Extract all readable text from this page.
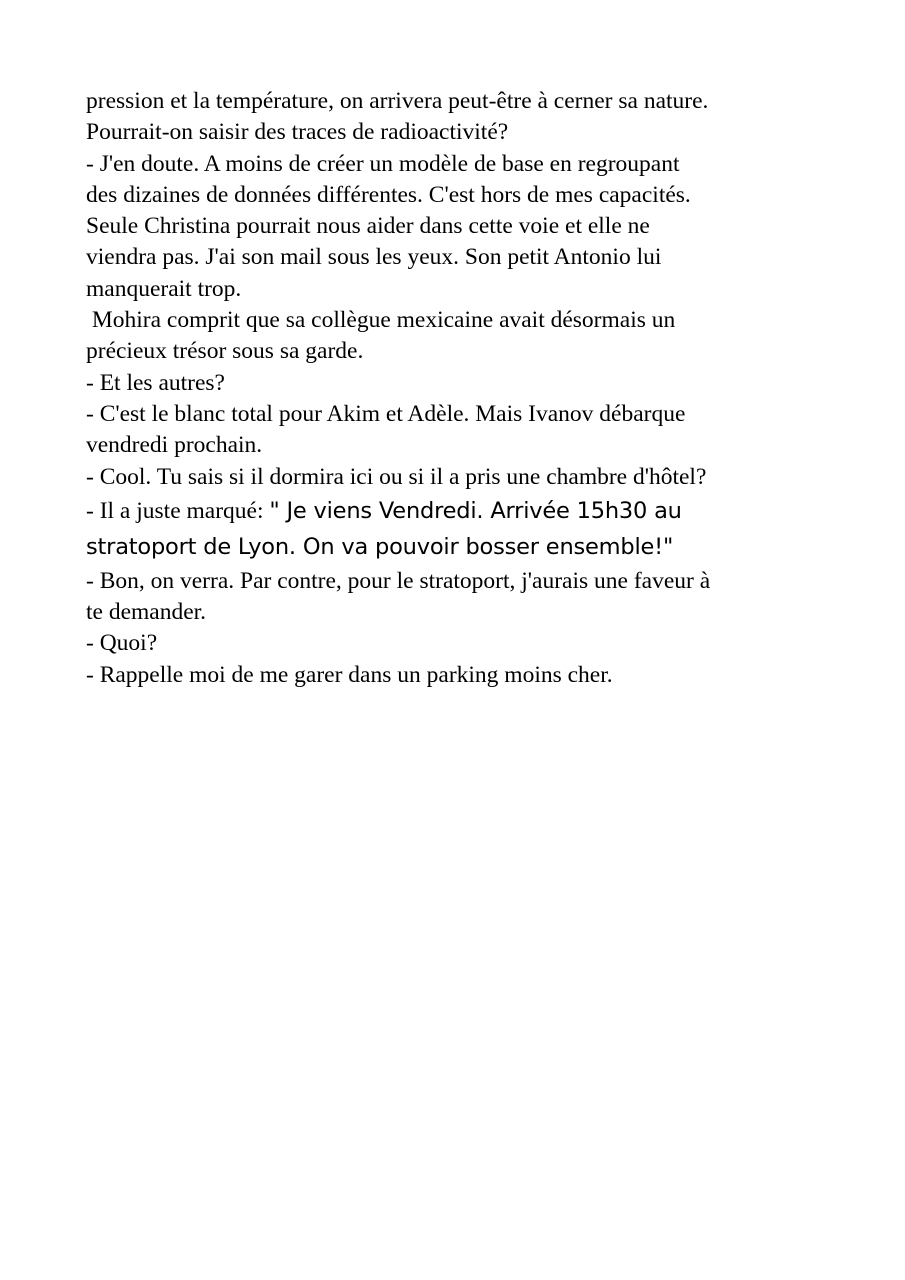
pression et la température, on arrivera peut-être à cerner sa nature.
Pourrait-on saisir des traces de radioactivité?
- J'en doute. A moins de créer un modèle de base en regroupant
des dizaines de données différentes. C'est hors de mes capacités.
Seule Christina pourrait nous aider dans cette voie et elle ne
viendra pas. J'ai son mail sous les yeux. Son petit Antonio lui
manquerait trop.
Mohira comprit que sa collègue mexicaine avait désormais un
précieux trésor sous sa garde.
- Et les autres?
- C'est le blanc total pour Akim et Adèle. Mais Ivanov débarque
vendredi prochain.
- Cool. Tu sais si il dormira ici ou si il a pris une chambre d'hôtel?
- Il a juste marqué: " Je viens Vendredi. Arrivée 15h30 au
stratoport de Lyon. On va pouvoir bosser ensemble!"
- Bon, on verra. Par contre, pour le stratoport, j'aurais une faveur à
te demander.
- Quoi?
- Rappelle moi de me garer dans un parking moins cher.
